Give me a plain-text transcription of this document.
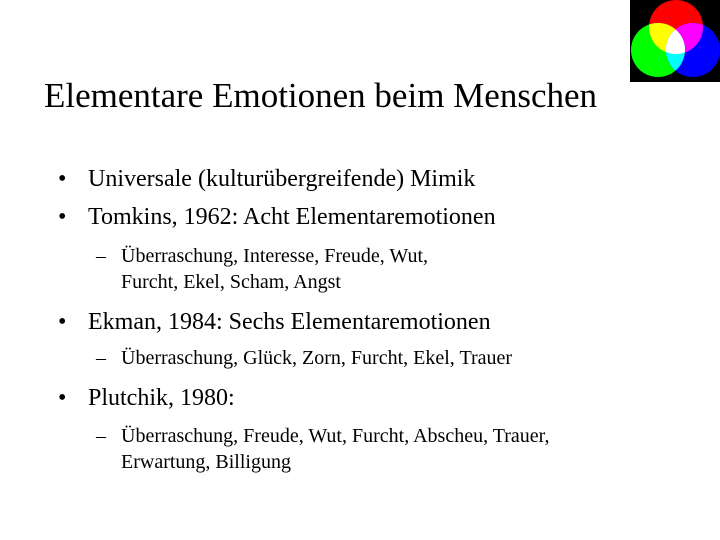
Elementare Emotionen beim Menschen
• Universale (kulturübergreifende) Mimik
• Tomkins, 1962: Acht Elementaremotionen
– Überraschung, Interesse, Freude, Wut,
Furcht, Ekel, Scham, Angst
• Ekman, 1984: Sechs Elementaremotionen
– Überraschung, Glück, Zorn, Furcht, Ekel, Trauer
• Plutchik, 1980:
– Überraschung, Freude, Wut, Furcht, Abscheu, Trauer,
Erwartung, Billigung
